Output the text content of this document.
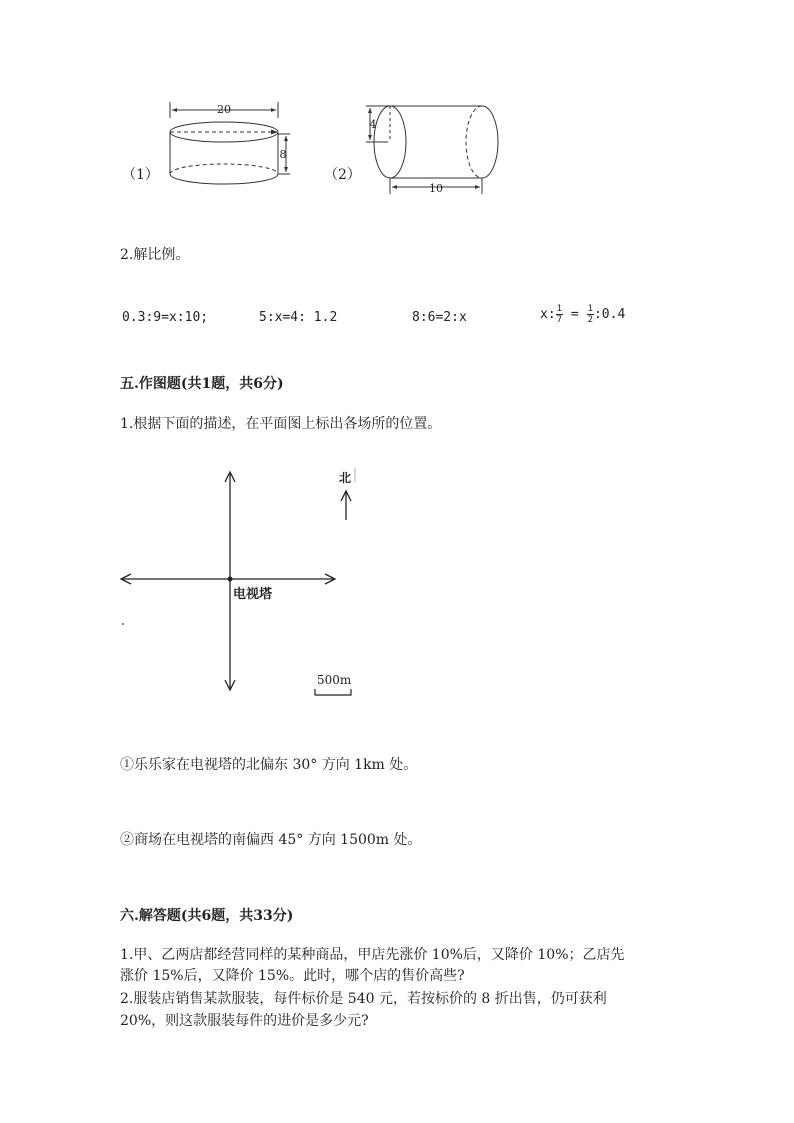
（1）
20
8
（2）
4
10
2.解比例。
0.3:9=x:10;	5:x=4: 1.2	8:6=2:x	x: $\frac{1}{7} = \frac{1}{2}$ :0.4
五.作图题(共1题，共6分)
1.根据下面的描述，在平面图上标出各场所的位置。
电视塔
北
500m
①乐乐家在电视塔的北偏东 30° 方向 1km 处。
②商场在电视塔的南偏西 45° 方向 1500m 处。
六.解答题(共6题，共33分)
1.甲、乙两店都经营同样的某种商品，甲店先涨价 10%后，又降价 10%；乙店先
涨价 15%后，又降价 15%。此时，哪个店的售价高些?
2.服装店销售某款服装，每件标价是 540 元，若按标价的 8 折出售，仍可获利
20%，则这款服装每件的进价是多少元?
